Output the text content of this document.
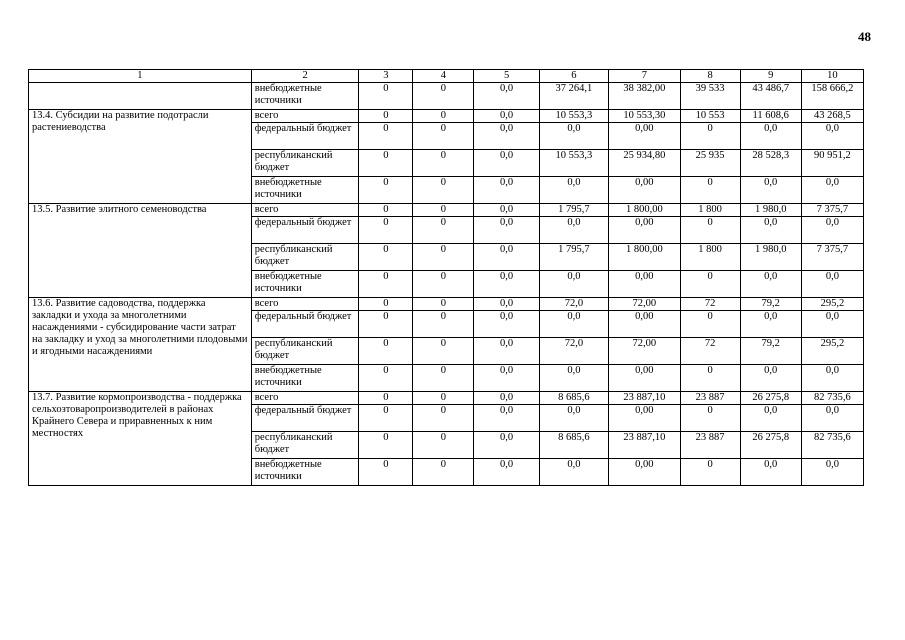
48
1	2	3	4	5	6	7	8	9	10
	внебюджетные источники	0	0	0,0	37 264,1	38 382,00	39 533	43 486,7	158 666,2
13.4. Субсидии на развитие подотрасли растениеводства	всего	0	0	0,0	10 553,3	10 553,30	10 553	11 608,6	43 268,5
	федеральный бюджет	0	0	0,0	0,0	0,00	0	0,0	0,0
	республиканский бюджет	0	0	0,0	10 553,3	25 934,80	25 935	28 528,3	90 951,2
	внебюджетные источники	0	0	0,0	0,0	0,00	0	0,0	0,0
13.5. Развитие элитного семеноводства	всего	0	0	0,0	1 795,7	1 800,00	1 800	1 980,0	7 375,7
	федеральный бюджет	0	0	0,0	0,0	0,00	0	0,0	0,0
	республиканский бюджет	0	0	0,0	1 795,7	1 800,00	1 800	1 980,0	7 375,7
	внебюджетные источники	0	0	0,0	0,0	0,00	0	0,0	0,0
13.6. Развитие садоводства, поддержка закладки и ухода за многолетними насаждениями - субсидирование части затрат на закладку и уход за многолетними плодовыми и ягодными насаждениями	всего	0	0	0,0	72,0	72,00	72	79,2	295,2
	федеральный бюджет	0	0	0,0	0,0	0,00	0	0,0	0,0
	республиканский бюджет	0	0	0,0	72,0	72,00	72	79,2	295,2
	внебюджетные источники	0	0	0,0	0,0	0,00	0	0,0	0,0
13.7. Развитие кормопроизводства - поддержка сельхозтоваропроизводителей в районах Крайнего Севера и приравненных к ним местностях	всего	0	0	0,0	8 685,6	23 887,10	23 887	26 275,8	82 735,6
	федеральный бюджет	0	0	0,0	0,0	0,00	0	0,0	0,0
	республиканский бюджет	0	0	0,0	8 685,6	23 887,10	23 887	26 275,8	82 735,6
	внебюджетные источники	0	0	0,0	0,0	0,00	0	0,0	0,0
